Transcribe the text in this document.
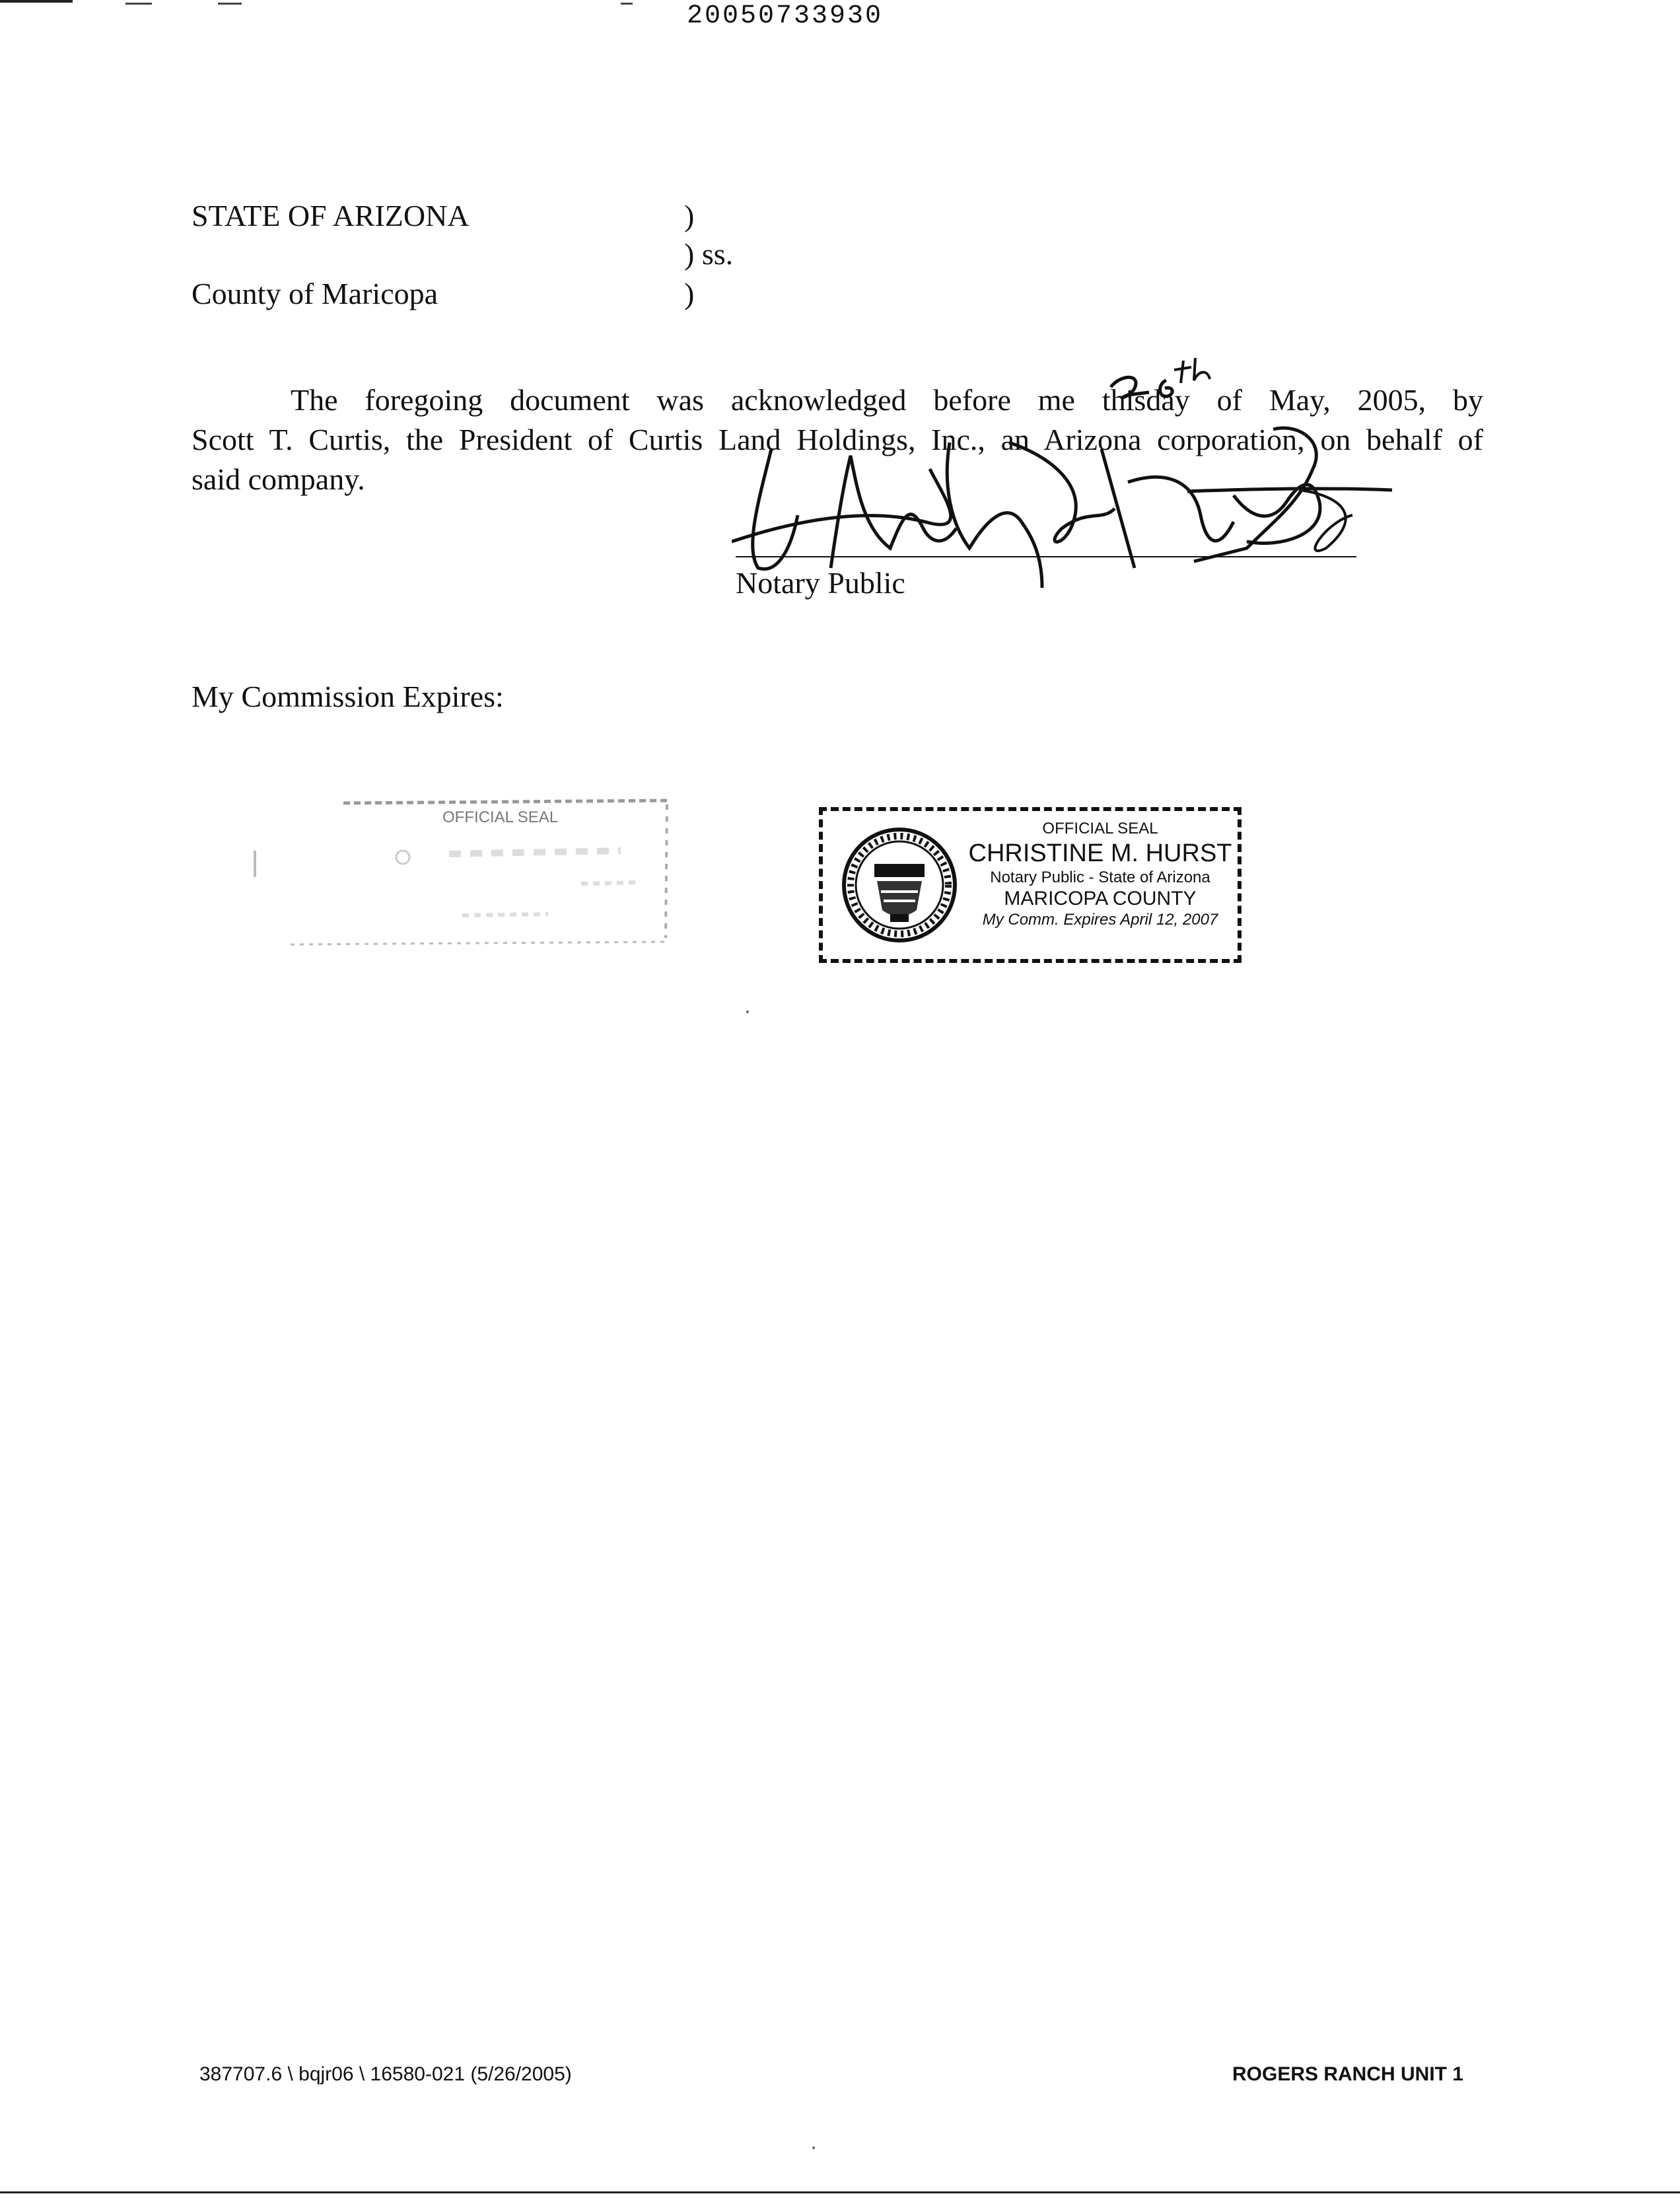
20050733930
STATE OF ARIZONA
County of Maricopa
)
) ss.
)
The foregoing document was acknowledged before me thisday of May, 2005, by
Scott T. Curtis, the President of Curtis Land Holdings, Inc., an Arizona corporation, on behalf of
said company.
Notary Public
My Commission Expires:
OFFICIAL SEAL
OFFICIAL SEAL
CHRISTINE M. HURST
Notary Public - State of Arizona
MARICOPA COUNTY
My Comm. Expires April 12, 2007
387707.6 \ bqjr06 \ 16580-021 (5/26/2005)	ROGERS RANCH UNIT 1
